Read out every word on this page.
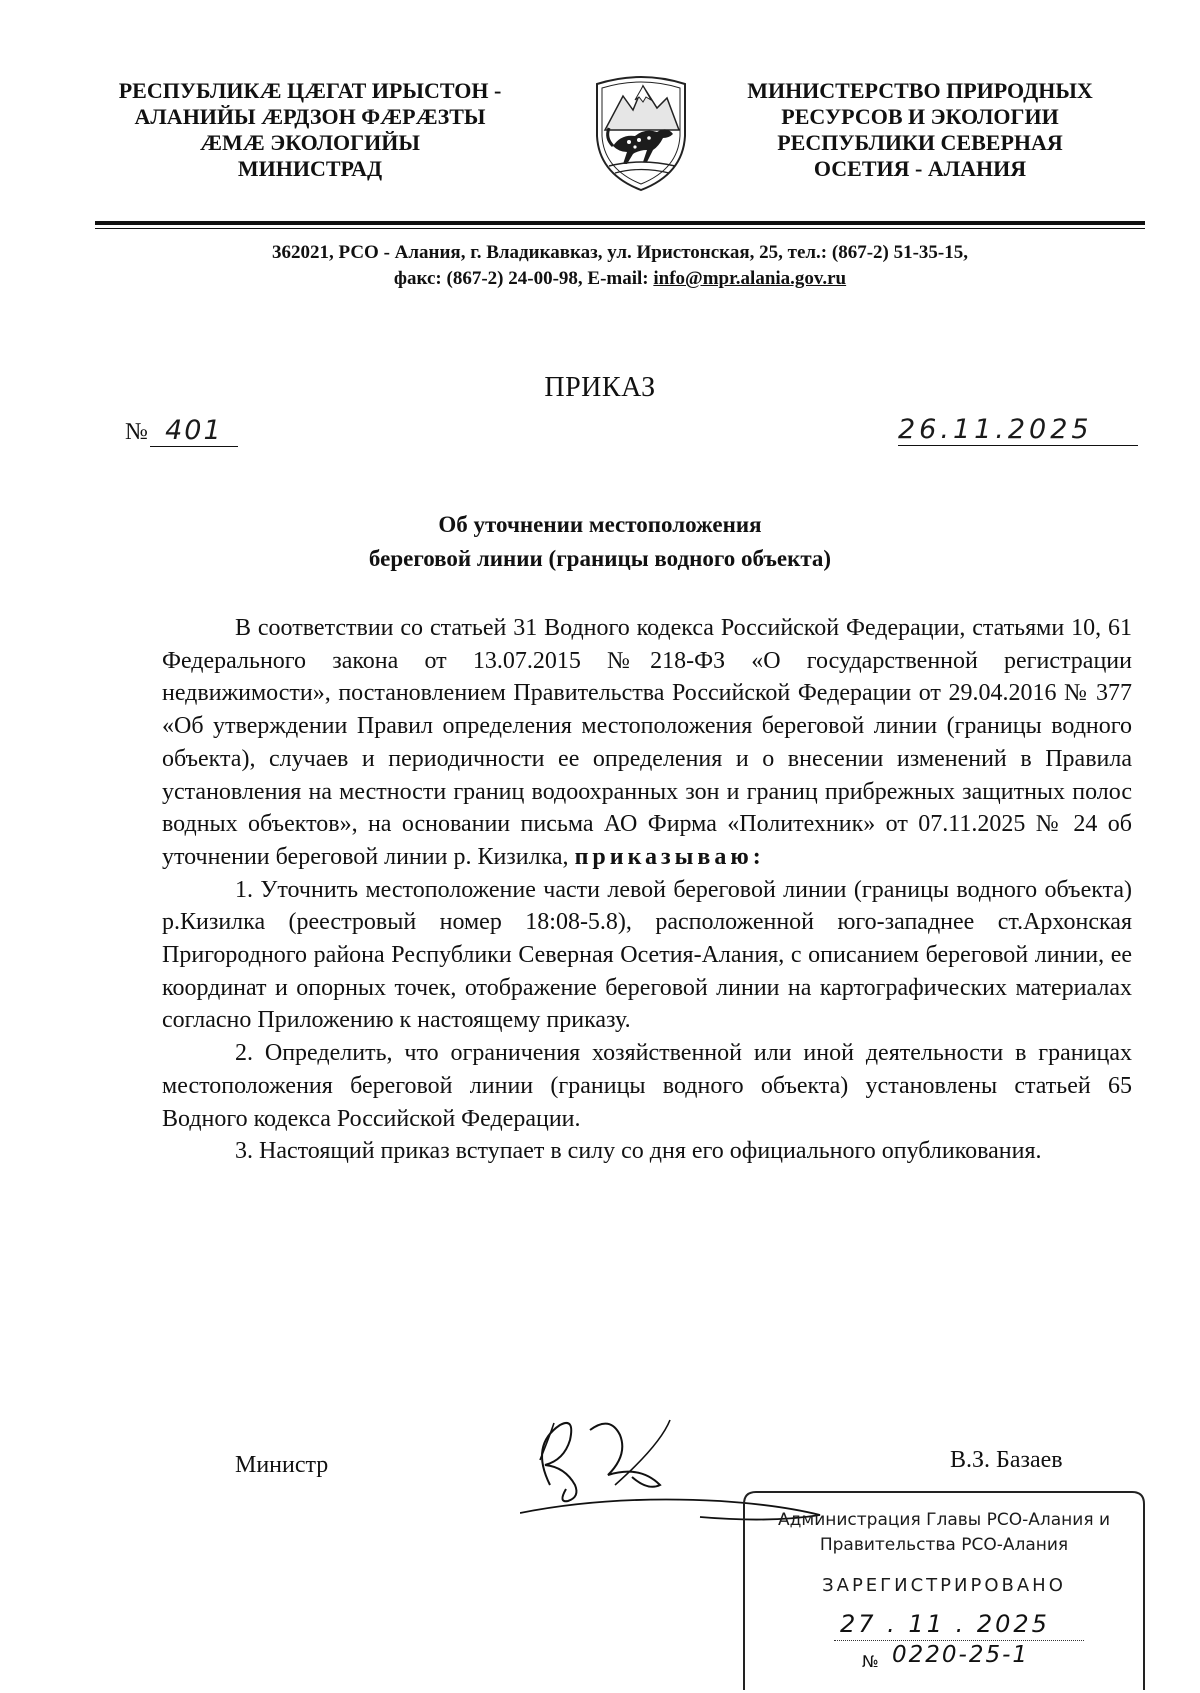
РЕСПУБЛИКÆ ЦÆГАТ ИРЫСТОН -
АЛАНИЙЫ ÆРДЗОН ФÆРÆЗТЫ
ÆМÆ ЭКОЛОГИЙЫ
МИНИСТРАД
МИНИСТЕРСТВО ПРИРОДНЫХ
РЕСУРСОВ И ЭКОЛОГИИ
РЕСПУБЛИКИ СЕВЕРНАЯ
ОСЕТИЯ - АЛАНИЯ
362021, РСО - Алания, г. Владикавказ, ул. Иристонская, 25, тел.: (867-2) 51-35-15,
факс: (867-2) 24-00-98, E-mail: info@mpr.alania.gov.ru
ПРИКАЗ
№ 401	26.11.2025
Об уточнении местоположения
береговой линии (границы водного объекта)

В соответствии со статьей 31 Водного кодекса Российской Федерации, статьями 10, 61 Федерального закона от 13.07.2015 №218-ФЗ «О государственной регистрации недвижимости», постановлением Правительства Российской Федерации от 29.04.2016 № 377 «Об утверждении Правил определения местоположения береговой линии (границы водного объекта), случаев и периодичности ее определения и о внесении изменений в Правила установления на местности границ водоохранных зон и границ прибрежных защитных полос водных объектов», на основании письма АО Фирма «Политехник» от 07.11.2025 № 24 об уточнении береговой линии р. Кизилка, приказываю:

1. Уточнить местоположение части левой береговой линии (границы водного объекта) р.Кизилка (реестровый номер 18:08-5.8), расположенной юго-западнее ст.Архонская Пригородного района Республики Северная Осетия-Алания, с описанием береговой линии, ее координат и опорных точек, отображение береговой линии на картографических материалах согласно Приложению к настоящему приказу.

2. Определить, что ограничения хозяйственной или иной деятельности в границах местоположения береговой линии (границы водного объекта) установлены статьей 65 Водного кодекса Российской Федерации.

3. Настоящий приказ вступает в силу со дня его официального опубликования.

Министр	В.З. Базаев
Администрация Главы РСО-Алания и
Правительства РСО-Алания
ЗАРЕГИСТРИРОВАНО
27 . 11 . 2025
№ 0220-25-1
